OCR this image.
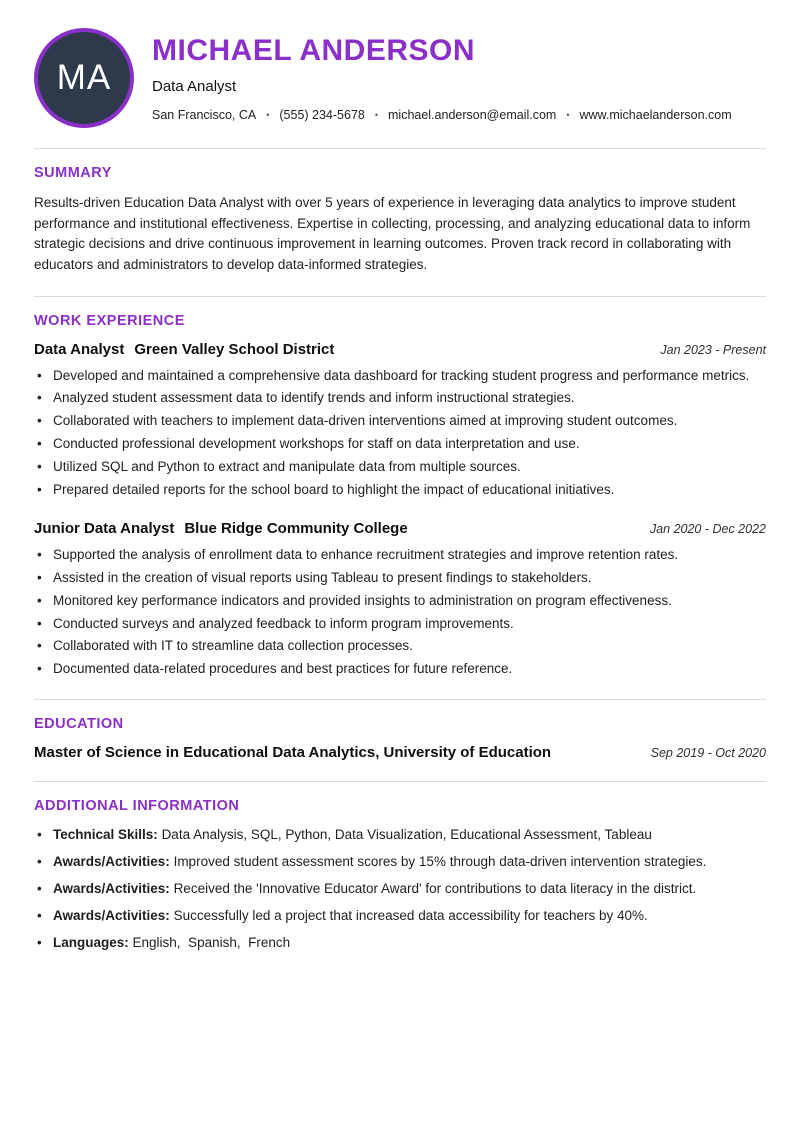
MA
MICHAEL ANDERSON
Data Analyst
San Francisco, CA • (555) 234-5678 • michael.anderson@email.com • www.michaelanderson.com
SUMMARY

Results-driven Education Data Analyst with over 5 years of experience in leveraging data analytics to improve student performance and institutional effectiveness. Expertise in collecting, processing, and analyzing educational data to inform strategic decisions and drive continuous improvement in learning outcomes. Proven track record in collaborating with educators and administrators to develop data-informed strategies.

WORK EXPERIENCE
Data Analyst Green Valley School District	Jan 2023 - Present
• Developed and maintained a comprehensive data dashboard for tracking student progress and performance metrics.
• Analyzed student assessment data to identify trends and inform instructional strategies.
• Collaborated with teachers to implement data-driven interventions aimed at improving student outcomes.
• Conducted professional development workshops for staff on data interpretation and use.
• Utilized SQL and Python to extract and manipulate data from multiple sources.
• Prepared detailed reports for the school board to highlight the impact of educational initiatives.
Junior Data Analyst Blue Ridge Community College	Jan 2020 - Dec 2022
• Supported the analysis of enrollment data to enhance recruitment strategies and improve retention rates.
• Assisted in the creation of visual reports using Tableau to present findings to stakeholders.
• Monitored key performance indicators and provided insights to administration on program effectiveness.
• Conducted surveys and analyzed feedback to inform program improvements.
• Collaborated with IT to streamline data collection processes.
• Documented data-related procedures and best practices for future reference.
EDUCATION
Master of Science in Educational Data Analytics, University of Education	Sep 2019 - Oct 2020
ADDITIONAL INFORMATION
• Technical Skills: Data Analysis, SQL, Python, Data Visualization, Educational Assessment, Tableau
• Awards/Activities: Improved student assessment scores by 15% through data-driven intervention strategies.
• Awards/Activities: Received the 'Innovative Educator Award' for contributions to data literacy in the district.
• Awards/Activities: Successfully led a project that increased data accessibility for teachers by 40%.
• Languages: English,  Spanish,  French
